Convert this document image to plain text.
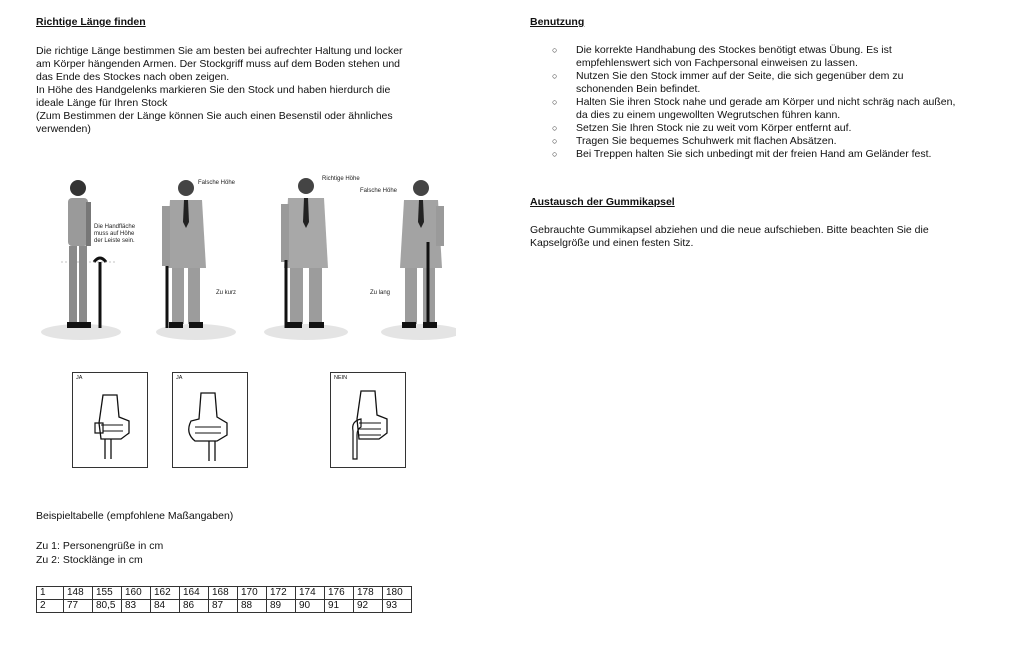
Richtige Länge finden

Die richtige Länge bestimmen Sie am besten bei aufrechter Haltung und locker

am Körper hängenden Armen. Der Stockgriff muss auf dem Boden stehen und

das Ende des Stockes nach oben zeigen.

In Höhe des Handgelenks markieren Sie den Stock und haben hierdurch die

ideale Länge für Ihren Stock

(Zum Bestimmen der Länge können Sie auch einen Besenstil oder ähnliches

verwenden)

Die Handfläche
muss auf Höhe
der Leiste sein.
Falsche Höhe
Zu kurz
Richtige Höhe
Falsche Höhe
Zu lang
JA	JA	NEIN

Beispieltabelle (empfohlene Maßangaben)

Zu 1: Personengrüße in cm

Zu 2: Stocklänge in cm

1	148	155	160	162	164	168	170	172	174	176	178	180
2	77	80,5	83	84	86	87	88	89	90	91	92	93
Benutzung
○ Die korrekte Handhabung des Stockes benötigt etwas Übung. Es ist
empfehlenswert sich von Fachpersonal einweisen zu lassen.
○ Nutzen Sie den Stock immer auf der Seite, die sich gegenüber dem zu
schonenden Bein befindet.
○ Halten Sie ihren Stock nahe und gerade am Körper und nicht schräg nach außen,
da dies zu einem ungewollten Wegrutschen führen kann.
○ Setzen Sie Ihren Stock nie zu weit vom Körper entfernt auf.
○ Tragen Sie bequemes Schuhwerk mit flachen Absätzen.
○ Bei Treppen halten Sie sich unbedingt mit der freien Hand am Geländer fest.
Austausch der Gummikapsel

Gebrauchte Gummikapsel abziehen und die neue aufschieben. Bitte beachten Sie die

Kapselgröße und einen festen Sitz.
